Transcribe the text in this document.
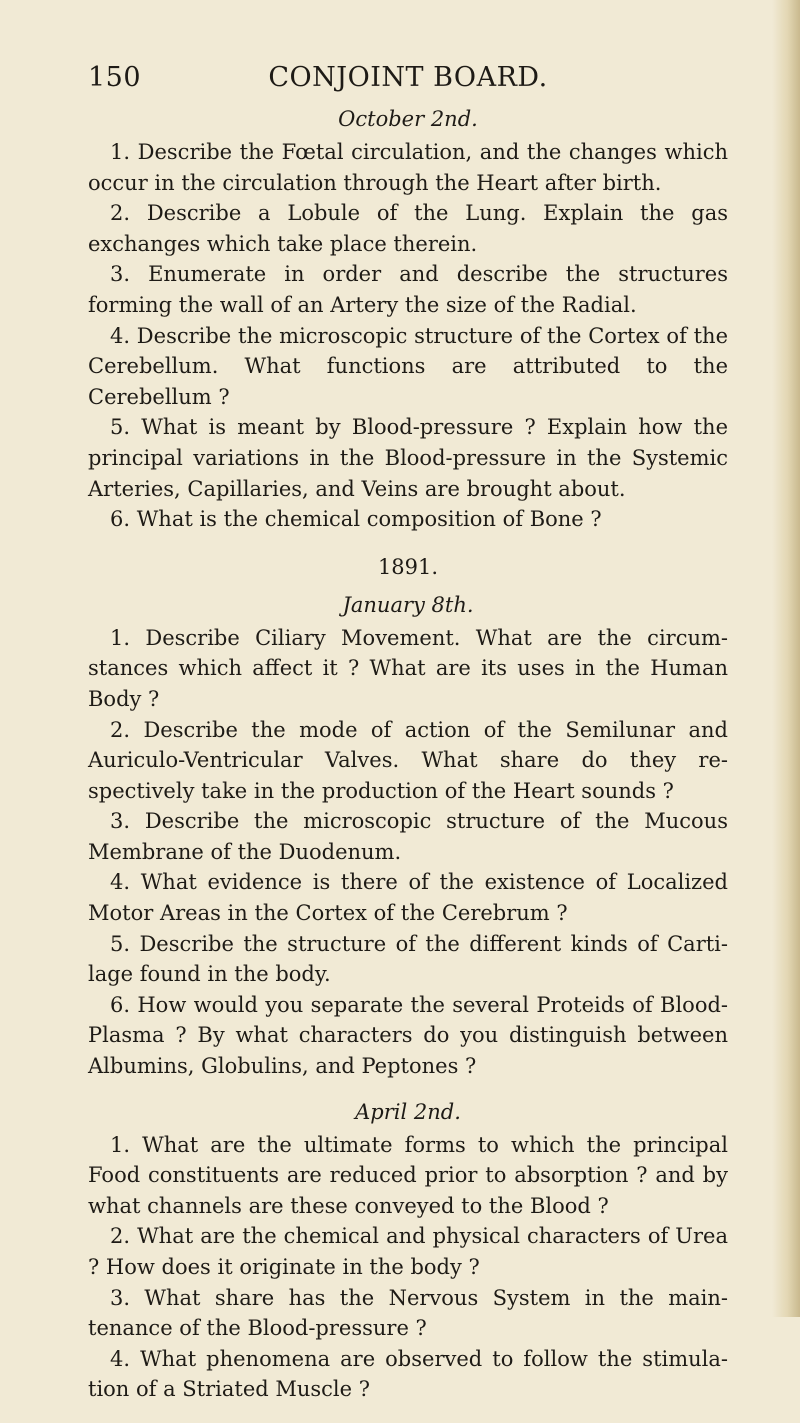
150	CONJOINT BOARD.
October 2nd.

1. Describe the Fœtal circulation, and the changes which occur in the circulation through the Heart after birth.

2. Describe a Lobule of the Lung. Explain the gas exchanges which take place therein.

3. Enumerate in order and describe the structures forming the wall of an Artery the size of the Radial.

4. Describe the microscopic structure of the Cortex of the Cerebellum. What functions are attributed to the Cerebellum ?

5. What is meant by Blood-pressure ? Explain how the principal variations in the Blood-pressure in the Systemic Arteries, Capillaries, and Veins are brought about.

6. What is the chemical composition of Bone ?

1891.
January 8th.

1. Describe Ciliary Movement. What are the circum- stances which affect it ? What are its uses in the Human Body ?

2. Describe the mode of action of the Semilunar and Auriculo-Ventricular Valves. What share do they re- spectively take in the production of the Heart sounds ?

3. Describe the microscopic structure of the Mucous Membrane of the Duodenum.

4. What evidence is there of the existence of Localized Motor Areas in the Cortex of the Cerebrum ?

5. Describe the structure of the different kinds of Carti- lage found in the body.

6. How would you separate the several Proteids of Blood-Plasma ? By what characters do you distinguish between Albumins, Globulins, and Peptones ?

April 2nd.

1. What are the ultimate forms to which the principal Food constituents are reduced prior to absorption ? and by what channels are these conveyed to the Blood ?

2. What are the chemical and physical characters of Urea ? How does it originate in the body ?

3. What share has the Nervous System in the main- tenance of the Blood-pressure ?

4. What phenomena are observed to follow the stimula- tion of a Striated Muscle ?
